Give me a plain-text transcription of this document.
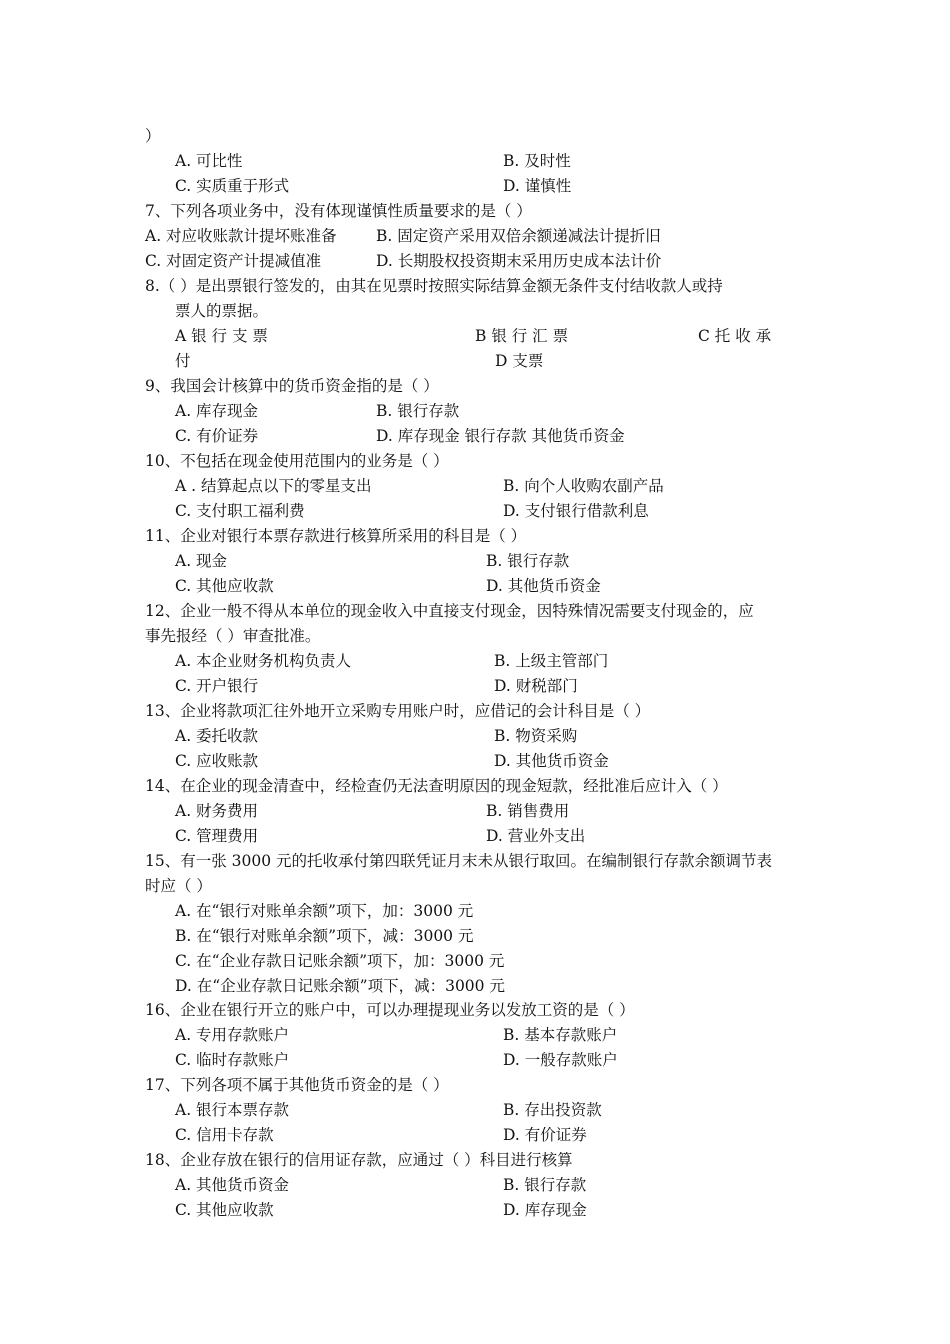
）
A. 可比性	B. 及时性
C. 实质重于形式	D. 谨慎性
7、下列各项业务中，没有体现谨慎性质量要求的是（ ）
A. 对应收账款计提坏账准备	B. 固定资产采用双倍余额递减法计提折旧
C. 对固定资产计提减值准	D. 长期股权投资期末采用历史成本法计价
8.（ ）是出票银行签发的，由其在见票时按照实际结算金额无条件支付结收款人或持
票人的票据。
A 银 行 支 票	B 银 行 汇 票	C 托 收 承
付	D 支票
9、我国会计核算中的货币资金指的是（ ）
A. 库存现金	B. 银行存款
C. 有价证券	D. 库存现金 银行存款 其他货币资金
10、不包括在现金使用范围内的业务是（ ）
A . 结算起点以下的零星支出	B. 向个人收购农副产品
C. 支付职工福利费	D. 支付银行借款利息
11、企业对银行本票存款进行核算所采用的科目是（ ）
A. 现金	B. 银行存款
C. 其他应收款	D. 其他货币资金
12、企业一般不得从本单位的现金收入中直接支付现金，因特殊情况需要支付现金的，应
事先报经（ ）审查批准。
A. 本企业财务机构负责人	B. 上级主管部门
C. 开户银行	D. 财税部门
13、企业将款项汇往外地开立采购专用账户时，应借记的会计科目是（ ）
A. 委托收款	B. 物资采购
C. 应收账款	D. 其他货币资金
14、在企业的现金清查中，经检查仍无法查明原因的现金短款，经批准后应计入（ ）
A. 财务费用	B. 销售费用
C. 管理费用	D. 营业外支出
15、有一张 3000 元的托收承付第四联凭证月末未从银行取回。在编制银行存款余额调节表
时应（ ）
A. 在“银行对账单余额”项下，加：3000 元
B. 在“银行对账单余额”项下，减：3000 元
C. 在“企业存款日记账余额”项下，加：3000 元
D. 在“企业存款日记账余额”项下，减：3000 元
16、企业在银行开立的账户中，可以办理提现业务以发放工资的是（ ）
A. 专用存款账户	B. 基本存款账户
C. 临时存款账户	D. 一般存款账户
17、下列各项不属于其他货币资金的是（ ）
A. 银行本票存款	B. 存出投资款
C. 信用卡存款	D. 有价证券
18、企业存放在银行的信用证存款，应通过（ ）科目进行核算
A. 其他货币资金	B. 银行存款
C. 其他应收款	D. 库存现金
